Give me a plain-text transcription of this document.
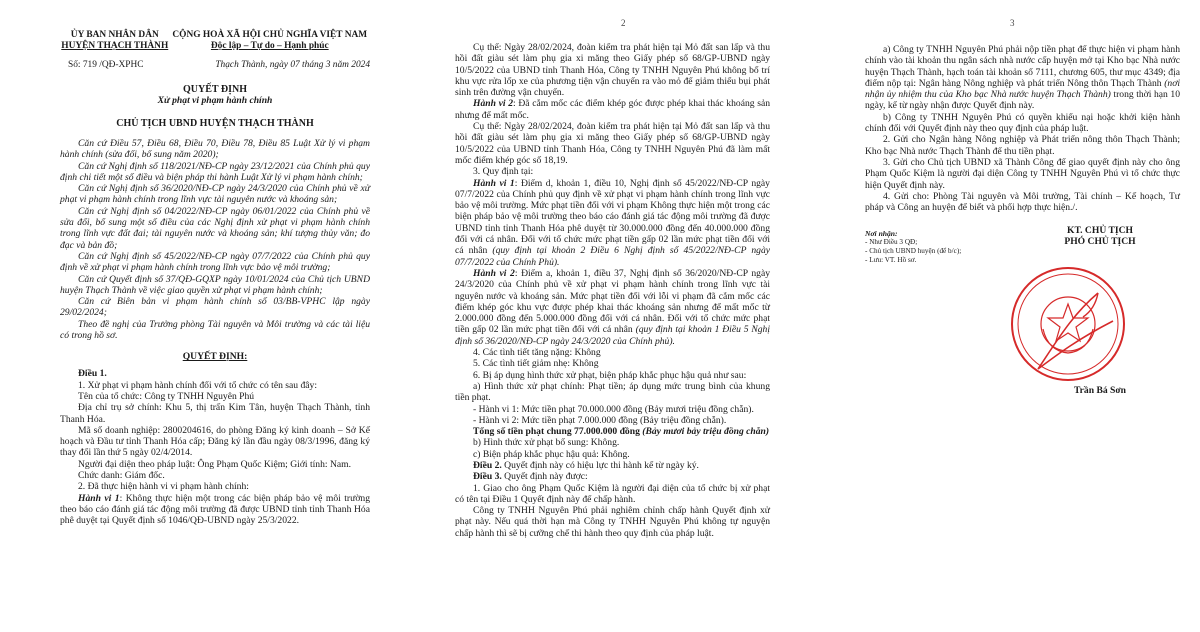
ỦY BAN NHÂN DÂN
HUYỆN THẠCH THÀNH
CỘNG HOÀ XÃ HỘI CHỦ NGHĨA VIỆT NAM
Độc lập – Tự do – Hạnh phúc
Số: 719 /QĐ-XPHC	Thạch Thành, ngày 07 tháng 3 năm 2024
QUYẾT ĐỊNH
Xử phạt vi phạm hành chính
CHỦ TỊCH UBND HUYỆN THẠCH THÀNH

Căn cứ Điều 57, Điều 68, Điều 70, Điều 78, Điều 85 Luật Xử lý vi phạm hành chính (sửa đổi, bổ sung năm 2020);

Căn cứ Nghị định số 118/2021/NĐ-CP ngày 23/12/2021 của Chính phủ quy định chi tiết một số điều và biện pháp thi hành Luật Xử lý vi phạm hành chính;

Căn cứ Nghị định số 36/2020/NĐ-CP ngày 24/3/2020 của Chính phủ về xử phạt vi phạm hành chính trong lĩnh vực tài nguyên nước và khoáng sản;

Căn cứ Nghị định số 04/2022/NĐ-CP ngày 06/01/2022 của Chính phủ về sửa đổi, bổ sung một số điều của các Nghị định xử phạt vi phạm hành chính trong lĩnh vực đất đai; tài nguyên nước và khoáng sản; khí tượng thủy văn; đo đạc và bản đồ;

Căn cứ Nghị định số 45/2022/NĐ-CP ngày 07/7/2022 của Chính phủ quy định về xử phạt vi phạm hành chính trong lĩnh vực bảo vệ môi trường;

Căn cứ Quyết định số 37/QĐ-GQXP ngày 10/01/2024 của Chủ tịch UBND huyện Thạch Thành về việc giao quyền xử phạt vi phạm hành chính;

Căn cứ Biên bản vi phạm hành chính số 03/BB-VPHC lập ngày 29/02/2024;

Theo đề nghị của Trưởng phòng Tài nguyên và Môi trường và các tài liệu có trong hồ sơ.

QUYẾT ĐỊNH:

Điều 1.

1. Xử phạt vi phạm hành chính đối với tổ chức có tên sau đây:

Tên của tổ chức: Công ty TNHH Nguyên Phú

Địa chỉ trụ sở chính: Khu 5, thị trấn Kim Tân, huyện Thạch Thành, tỉnh Thanh Hóa.

Mã số doanh nghiệp: 2800204616, do phòng Đăng ký kinh doanh – Sở Kế hoạch và Đầu tư tỉnh Thanh Hóa cấp; Đăng ký lần đầu ngày 08/3/1996, đăng ký thay đổi lần thứ 5 ngày 02/4/2014.

Người đại diện theo pháp luật: Ông Phạm Quốc Kiệm; Giới tính: Nam.

Chức danh: Giám đốc.

2. Đã thực hiện hành vi vi phạm hành chính:

Hành vi 1: Không thực hiện một trong các biện pháp bảo vệ môi trường theo báo cáo đánh giá tác động môi trường đã được UBND tỉnh tỉnh Thanh Hóa phê duyệt tại Quyết định số 1046/QĐ-UBND ngày 25/3/2022.

2

Cụ thể: Ngày 28/02/2024, đoàn kiểm tra phát hiện tại Mỏ đất san lấp và thu hồi đất giàu sét làm phụ gia xi măng theo Giấy phép số 68/GP-UBND ngày 10/5/2022 của UBND tỉnh Thanh Hóa, Công ty TNHH Nguyên Phú không bố trí khu vực rửa lốp xe của phương tiện vận chuyển ra vào mỏ để giảm thiểu bụi phát sinh trên đường vận chuyển.

Hành vi 2: Đã cắm mốc các điểm khép góc được phép khai thác khoáng sản nhưng để mất mốc.

Cụ thể: Ngày 28/02/2024, đoàn kiểm tra phát hiện tại Mỏ đất san lấp và thu hồi đất giàu sét làm phụ gia xi măng theo Giấy phép số 68/GP-UBND ngày 10/5/2022 của UBND tỉnh Thanh Hóa, Công ty TNHH Nguyên Phú đã làm mất mốc điểm khép góc số 18,19.

3. Quy định tại:

Hành vi 1: Điểm d, khoản 1, điều 10, Nghị định số 45/2022/NĐ-CP ngày 07/7/2022 của Chính phủ quy định về xử phạt vi phạm hành chính trong lĩnh vực bảo vệ môi trường. Mức phạt tiền đối với vi phạm Không thực hiện một trong các biện pháp bảo vệ môi trường theo báo cáo đánh giá tác động môi trường đã được UBND tỉnh tỉnh Thanh Hóa phê duyệt từ 30.000.000 đồng đến 40.000.000 đồng đối với cá nhân. Đối với tổ chức mức phạt tiền gấp 02 lần mức phạt tiền đối với cá nhân (quy định tại khoản 2 Điều 6 Nghị định số 45/2022/NĐ-CP ngày 07/7/2022 của Chính Phủ).

Hành vi 2: Điểm a, khoản 1, điều 37, Nghị định số 36/2020/NĐ-CP ngày 24/3/2020 của Chính phủ về xử phạt vi phạm hành chính trong lĩnh vực tài nguyên nước và khoáng sản. Mức phạt tiền đối với lỗi vi phạm đã cắm mốc các điểm khép góc khu vực được phép khai thác khoáng sản nhưng để mất mốc từ 2.000.000 đồng đến 5.000.000 đồng đối với cá nhân. Đối với tổ chức mức phạt tiền gấp 02 lần mức phạt tiền đối với cá nhân (quy định tại khoản 1 Điều 5 Nghị định số 36/2020/NĐ-CP ngày 24/3/2020 của Chính phủ).

4. Các tình tiết tăng nặng: Không

5. Các tình tiết giảm nhẹ: Không

6. Bị áp dụng hình thức xử phạt, biện pháp khắc phục hậu quả như sau:

a) Hình thức xử phạt chính: Phạt tiền; áp dụng mức trung bình của khung tiền phạt.

- Hành vi 1: Mức tiền phạt 70.000.000 đồng (Bảy mươi triệu đồng chẵn).

- Hành vi 2: Mức tiền phạt 7.000.000 đồng (Bảy triệu đồng chẵn).

Tổng số tiền phạt chung 77.000.000 đồng (Bảy mươi bảy triệu đồng chẵn)

b) Hình thức xử phạt bổ sung: Không.

c) Biện pháp khắc phục hậu quả: Không.

Điều 2. Quyết định này có hiệu lực thi hành kể từ ngày ký.

Điều 3. Quyết định này được:

1. Giao cho ông Phạm Quốc Kiệm là người đại diện của tổ chức bị xử phạt có tên tại Điều 1 Quyết định này để chấp hành.

Công ty TNHH Nguyên Phú phải nghiêm chỉnh chấp hành Quyết định xử phạt này. Nếu quá thời hạn mà Công ty TNHH Nguyên Phú không tự nguyện chấp hành thì sẽ bị cưỡng chế thi hành theo quy định của pháp luật.

3

a) Công ty TNHH Nguyên Phú phải nộp tiền phạt để thực hiện vi phạm hành chính vào tài khoản thu ngân sách nhà nước cấp huyện mở tại Kho bạc Nhà nước huyện Thạch Thành, hạch toán tài khoản số 7111, chương 605, thư mục 4349; địa điểm nộp tại: Ngân hàng Nông nghiệp và phát triển Nông thôn Thạch Thành (nơi nhận ủy nhiệm thu của Kho bạc Nhà nước huyện Thạch Thành) trong thời hạn 10 ngày, kể từ ngày nhận được Quyết định này.

b) Công ty TNHH Nguyên Phú có quyền khiếu nại hoặc khởi kiện hành chính đối với Quyết định này theo quy định của pháp luật.

2. Gửi cho Ngân hàng Nông nghiệp và Phát triển nông thôn Thạch Thành; Kho bạc Nhà nước Thạch Thành để thu tiền phạt.

3. Gửi cho Chủ tịch UBND xã Thành Công để giao quyết định này cho ông Phạm Quốc Kiệm là người đại diện Công ty TNHH Nguyên Phú vì tổ chức thực hiện Quyết định này.

4. Gửi cho: Phòng Tài nguyên và Môi trường, Tài chính – Kế hoạch, Tư pháp và Công an huyện để biết và phối hợp thực hiện./.

Nơi nhận:
- Như Điều 3 QĐ;
- Chủ tịch UBND huyện (để b/c);
- Lưu: VT. Hồ sơ.
KT. CHỦ TỊCH
PHÓ CHỦ TỊCH
Trần Bá Sơn
